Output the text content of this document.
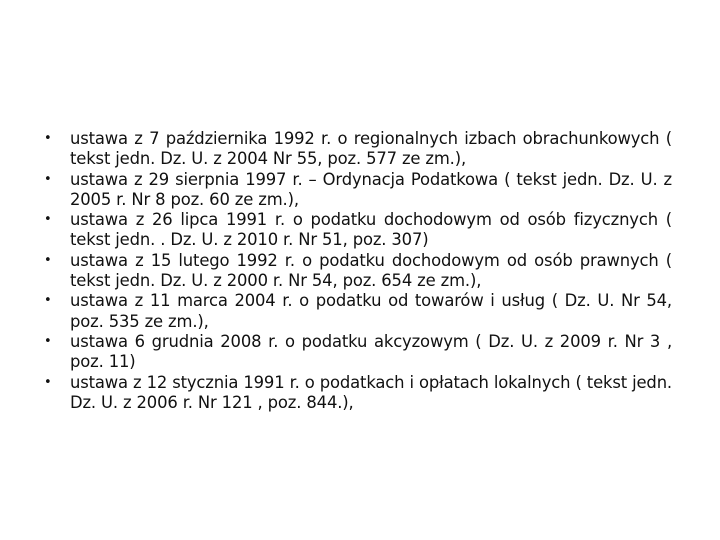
•	ustawa z 7 października 1992 r. o regionalnych izbach obrachunkowych ( tekst jedn. Dz. U. z 2004 Nr 55, poz. 577 ze zm.),
•	ustawa z 29 sierpnia 1997 r. – Ordynacja Podatkowa ( tekst jedn. Dz. U. z 2005 r. Nr 8 poz. 60 ze zm.),
•	ustawa z 26 lipca 1991 r. o podatku dochodowym od osób fizycznych ( tekst jedn. . Dz. U. z 2010 r. Nr 51, poz. 307)
•	ustawa z 15 lutego 1992 r. o podatku dochodowym od osób prawnych ( tekst jedn. Dz. U. z 2000 r. Nr 54, poz. 654 ze zm.),
•	ustawa z 11 marca 2004 r. o podatku od towarów i usług ( Dz. U. Nr 54, poz. 535 ze zm.),
•	ustawa 6 grudnia 2008 r. o podatku akcyzowym ( Dz. U. z 2009 r. Nr 3 , poz. 11)
•	ustawa z 12 stycznia 1991 r. o podatkach i opłatach lokalnych ( tekst jedn. Dz. U. z 2006 r. Nr 121 , poz. 844.),
